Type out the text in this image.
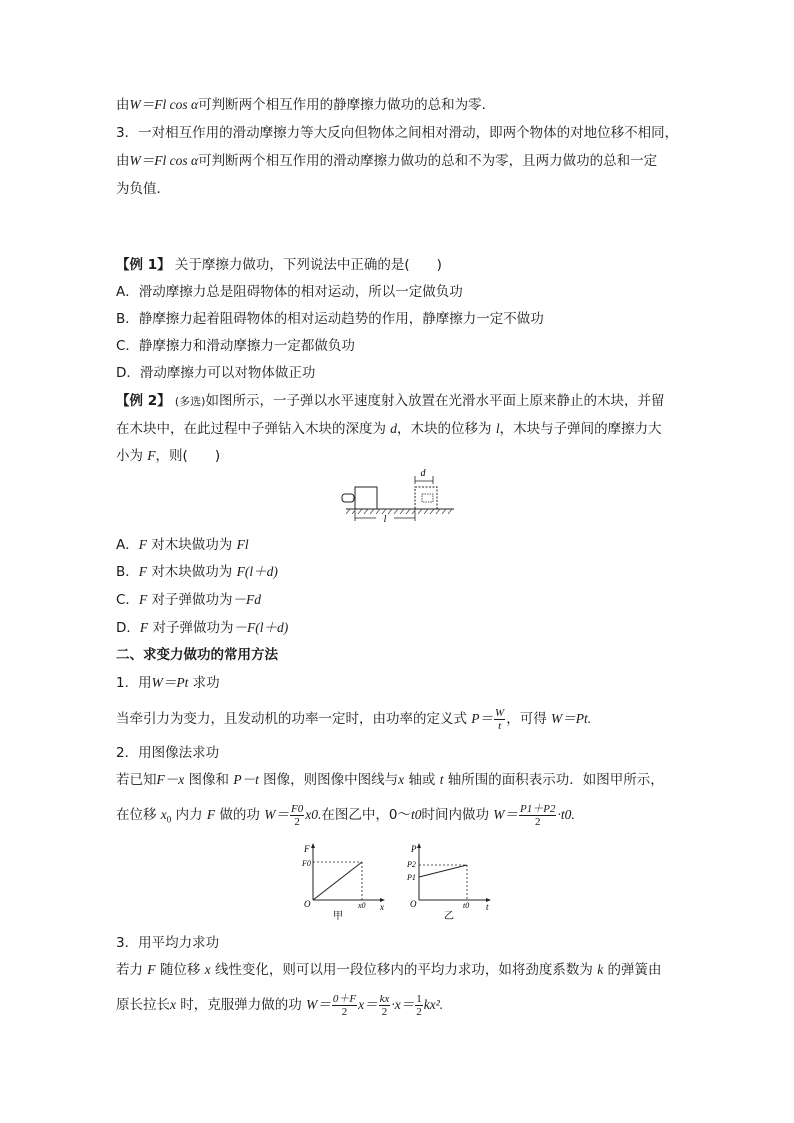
由W＝Fl cos α可判断两个相互作用的静摩擦力做功的总和为零．
3．一对相互作用的滑动摩擦力等大反向但物体之间相对滑动，即两个物体的对地位移不相同，
由W＝Fl cos α可判断两个相互作用的滑动摩擦力做功的总和不为零，且两力做功的总和一定
为负值．
【例 1】 关于摩擦力做功，下列说法中正确的是(　　)
A．滑动摩擦力总是阻碍物体的相对运动，所以一定做负功
B．静摩擦力起着阻碍物体的相对运动趋势的作用，静摩擦力一定不做功
C．静摩擦力和滑动摩擦力一定都做负功
D．滑动摩擦力可以对物体做正功
【例 2】 (多选)如图所示，一子弹以水平速度射入放置在光滑水平面上原来静止的木块，并留
在木块中，在此过程中子弹钻入木块的深度为 d，木块的位移为 l，木块与子弹间的摩擦力大
小为 F，则(　　)
d
l
A．F 对木块做功为 Fl
B．F 对木块做功为 F(l＋d)
C．F 对子弹做功为－Fd
D．F 对子弹做功为－F(l＋d)
二、求变力做功的常用方法
1．用W＝Pt 求功
当牵引力为变力，且发动机的功率一定时，由功率的定义式 $P= \frac{W}{t}$ ，可得 W＝Pt.
2．用图像法求功
若已知F－x 图像和 P－t 图像，则图像中图线与x 轴或 t 轴所围的面积表示功．如图甲所示，
在位移 $x_0$ 内力 F 做的功 $W= \frac{F0}{2} x0$.在图乙中，0～t0时间内做功 $W= \frac{P1+P2}{2} \cdot t0$.
F
F0
O	x0 x
甲
P
P2
P1
O	t0 t
乙
3．用平均力求功
若力 F 随位移 x 线性变化，则可以用一段位移内的平均力求功，如将劲度系数为 k 的弹簧由
原长拉长x 时，克服弹力做的功 $W= \frac{0+F}{2} x= \frac{kx}{2} \cdot x= \frac{1}{2} kx^2$.
